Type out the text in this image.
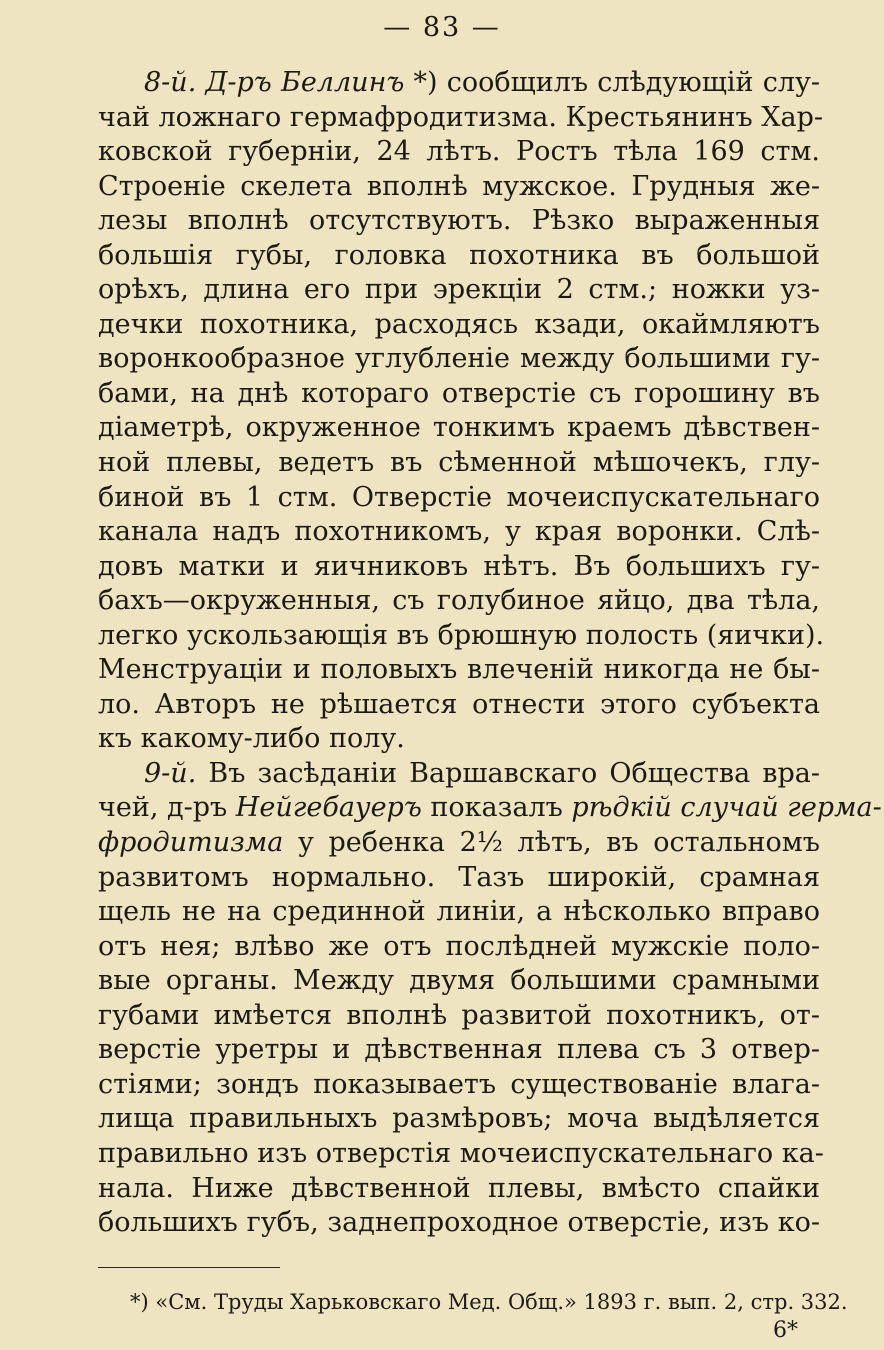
— 83 —
8-й. Д-ръ Беллинъ *) сообщилъ слѣдующій слу-
чай ложнаго гермафродитизма. Крестьянинъ Хар-
ковской губерніи, 24 лѣтъ. Ростъ тѣла 169 стм.
Строеніе скелета вполнѣ мужское. Грудныя же-
лезы вполнѣ отсутствуютъ. Рѣзко выраженныя
большія губы, головка похотника въ большой
орѣхъ, длина его при эрекціи 2 стм.; ножки уз-
дечки похотника, расходясь кзади, окаймляютъ
воронкообразное углубленіе между большими гу-
бами, на днѣ котораго отверстіе съ горошину въ
діаметрѣ, окруженное тонкимъ краемъ дѣвствен-
ной плевы, ведетъ въ сѣменной мѣшочекъ, глу-
биной въ 1 стм. Отверстіе мочеиспускательнаго
канала надъ похотникомъ, у края воронки. Слѣ-
довъ матки и яичниковъ нѣтъ. Въ большихъ гу-
бахъ—окруженныя, съ голубиное яйцо, два тѣла,
легко ускользающія въ брюшную полость (яички).
Менструаціи и половыхъ влеченій никогда не бы-
ло. Авторъ не рѣшается отнести этого субъекта
къ какому-либо полу.
9-й. Въ засѣданіи Варшавскаго Общества вра-
чей, д-ръ Нейгебауеръ показалъ рѣдкій случай герма-
фродитизма у ребенка 2½ лѣтъ, въ остальномъ
развитомъ нормально. Тазъ широкій, срамная
щель не на срединной линіи, а нѣсколько вправо
отъ нея; влѣво же отъ послѣдней мужскіе поло-
вые органы. Между двумя большими срамными
губами имѣется вполнѣ развитой похотникъ, от-
верстіе уретры и дѣвственная плева съ 3 отвер-
стіями; зондъ показываетъ существованіе влага-
лища правильныхъ размѣровъ; моча выдѣляется
правильно изъ отверстія мочеиспускательнаго ка-
нала. Ниже дѣвственной плевы, вмѣсто спайки
большихъ губъ, заднепроходное отверстіе, изъ ко-
*) «См. Труды Харьковскаго Мед. Общ.» 1893 г. вып. 2, стр. 332.
6*
